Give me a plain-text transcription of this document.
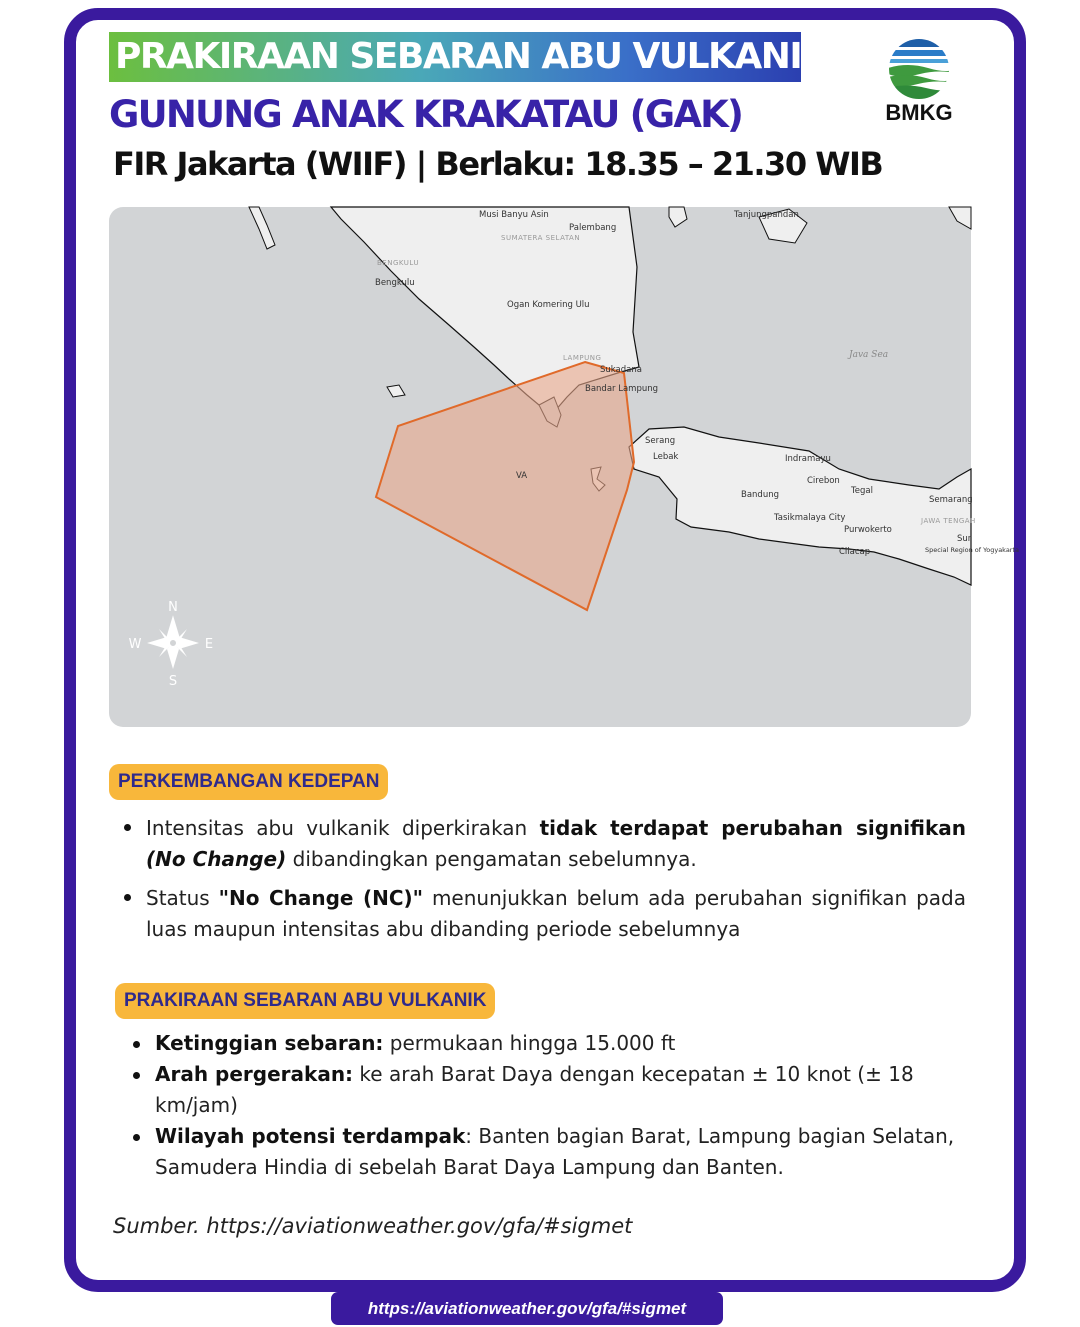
PRAKIRAAN SEBARAN ABU VULKANIK
GUNUNG ANAK KRAKATAU (GAK)
FIR Jakarta (WIIF) | Berlaku: 18.35 – 21.30 WIB
BMKG
Musi Banyu Asin
Palembang
SUMATERA SELATAN
Tanjungpandan
BENGKULU
Bengkulu
Ogan Komering Ulu
LAMPUNG
Sukadana
Bandar Lampung
Java Sea
Serang
Lebak	Indramayu
Cirebon
Tegal
Semarang
JAWA TENGAH
Bandung
Tasikmalaya City
Purwokerto
Cilacap	Special Region of Yogyakarta
Sur
VA
N
S
W	E
PERKEMBANGAN KEDEPAN
Intensitas abu vulkanik diperkirakan tidak terdapat perubahan signifikan (No Change) dibandingkan pengamatan sebelumnya.
Status "No Change (NC)" menunjukkan belum ada perubahan signifikan pada luas maupun intensitas abu dibanding periode sebelumnya
PRAKIRAAN SEBARAN ABU VULKANIK
Ketinggian sebaran: permukaan hingga 15.000 ft
Arah pergerakan: ke arah Barat Daya dengan kecepatan ± 10 knot (± 18 km/jam)
Wilayah potensi terdampak: Banten bagian Barat, Lampung bagian Selatan, Samudera Hindia di sebelah Barat Daya Lampung dan Banten.
Sumber. https://aviationweather.gov/gfa/#sigmet
https://aviationweather.gov/gfa/#sigmet
